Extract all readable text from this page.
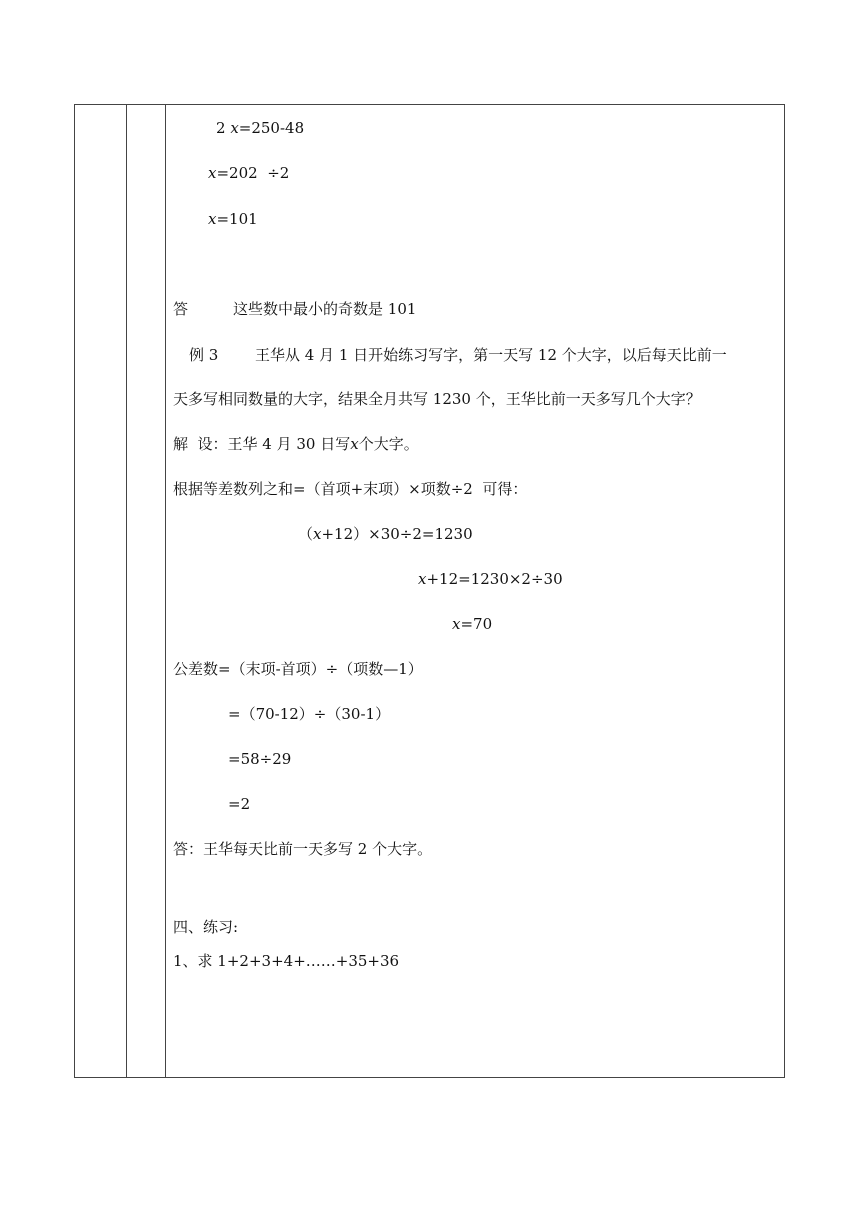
2 x=250-48
x=202  ÷2
x=101
答	这些数中最小的奇数是 101
例 3 王华从 4 月 1 日开始练习写字，第一天写 12 个大字，以后每天比前一
天多写相同数量的大字，结果全月共写 1230 个，王华比前一天多写几个大字？
解  设：王华 4 月 30 日写x个大字。
根据等差数列之和=（首项+末项）×项数÷2  可得：
（x+12）×30÷2=1230
x+12=1230×2÷30
x=70
公差数=（末项-首项）÷（项数—1）
=（70-12）÷（30-1）
=58÷29
=2
答：王华每天比前一天多写 2 个大字。
四、练习:
1、求 1+2+3+4+……+35+36
